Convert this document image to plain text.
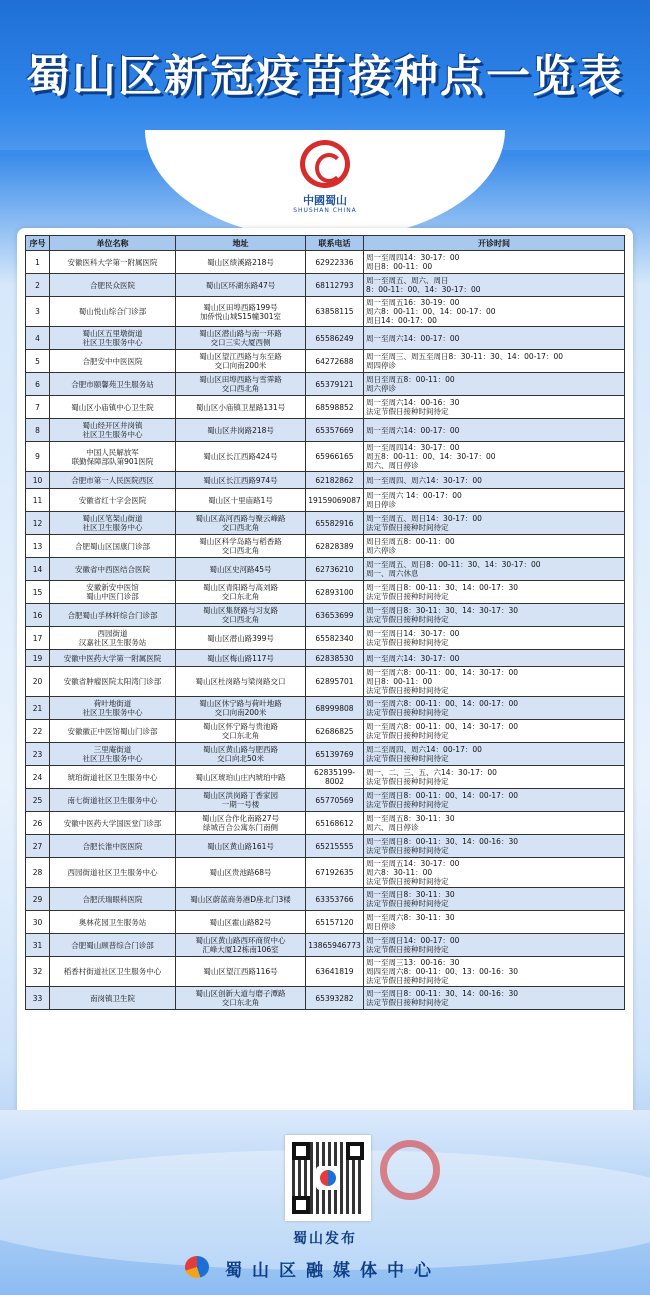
蜀山区新冠疫苗接种点一览表
中國蜀山
SHUSHAN CHINA
序号	单位名称	地址	联系电话	开诊时间
1	安徽医科大学第一附属医院	蜀山区绩溪路218号	62922336	周一至周四14：30-17：00
周日8：00-11：00
2	合肥民众医院	蜀山区环湖东路47号	68112793	周一至周五、周六、周日
8：00-11：00、14：30-17：00
3	蜀山悦山综合门诊部	蜀山区田埠西路199号
加侨悦山城S15幢301室	63858115	周一至周五16：30-19：00
周六8：00-11：00、14：00-17：00
周日14：00-17：00
4	蜀山区五里墩街道
社区卫生服务中心	蜀山区潜山路与南一环路
交口三实大厦西侧	65586249	周一至周六14：00-17：00
5	合肥安中中医医院	蜀山区望江西路与东至路
交口向南200米	64272688	周一至周三、周五至周日8：30-11：30、14：00-17：00
周四停诊
6	合肥市颐馨苑卫生服务站	蜀山区田埠西路与雪霁路
交口西北角	65379121	周日至周五8：00-11：00
周六停诊
7	蜀山区小庙镇中心卫生院	蜀山区小庙镇卫星路131号	68598852	周一至周六14：00-16：30
法定节假日接种时间待定
8	蜀山经开区井岗镇
社区卫生服务中心	蜀山区井岗路218号	65357669	周一至周六14：00-17：00
9	中国人民解放军
联勤保障部队第901医院	蜀山区长江西路424号	65966165	周一至周四14：30-17：00
周五8：00-11：00、14：30-17：00
周六、周日停诊
10	合肥市第一人民医院西区	蜀山区长江西路974号	62182862	周一至周四、周六14：30-17：00
11	安徽省红十字会医院	蜀山区十里庙路1号	19159069087	周一至周六 14：00-17：00
周日停诊
12	蜀山区笔架山街道
社区卫生服务中心	蜀山区高河西路与聚云峰路
交口西北角	65582916	周一至周五、周日14：30-17：00
法定节假日接种时间待定
13	合肥蜀山区国康门诊部	蜀山区科学岛路与稻香路
交口西北角	62828389	周日至周五8：00-11：00
周六停诊
14	安徽省中西医结合医院	蜀山区史河路45号	62736210	周一至周五、周日8：00-11：30、14：30-17：00
周一、周六休息
15	安徽新安中医馆
蜀山中医门诊部	蜀山区青阳路与高刘路
交口东北角	62893100	周一至周日8：00-11：30、14：00-17：30
法定节假日接种时间待定
16	合肥蜀山孚林轩综合门诊部	蜀山区集贤路与习友路
交口西北角	63653699	周一至周日8：30-11：30、14：30-17：30
法定节假日接种时间待定
17	西园街道
汉嘉社区卫生服务站	蜀山区潜山路399号	65582340	周一至周日14：30-17：00
法定节假日接种时间待定
19	安徽中医药大学第一附属医院	蜀山区梅山路117号	62838530	周一至周六14：30-17：00
20	安徽省肿瘤医院太阳湾门诊部	蜀山区杜岗路与梁岗路交口	62895701	周一至周六8：00-11：00、14：30-17：00
周日8：00-11：00
法定节假日接种时间待定
21	荷叶地街道
社区卫生服务中心	蜀山区休宁路与荷叶地路
交口向南200米	68999808	周一至周六8：00-11：00、14：00-17：00
法定节假日接种时间待定
22	安徽徽正中医馆蜀山门诊部	蜀山区怀宁路与贵池路
交口东北角	62686825	周一至周六8：00-11：00、14：30-17：00
法定节假日接种时间待定
23	三里庵街道
社区卫生服务中心	蜀山区黄山路与肥西路
交口向北50米	65139769	周二至周四、周六14：00-17：00
法定节假日接种时间待定
24	琥珀街道社区卫生服务中心	蜀山区琥珀山庄内琥珀中路	62835199-8002	周一、二、三、五、六14：30-17：00
法定节假日接种时间待定
25	南七街道社区卫生服务中心	蜀山区洪岗路丁香家园
一期一号楼	65770569	周一至周日8：00-11：00、14：00-17：00
法定节假日接种时间待定
26	安徽中医药大学国医堂门诊部	蜀山区合作化南路27号
绿城百合公寓东门南侧	65168612	周一至周五8：30-11：30
周六、周日停诊
27	合肥长淮中医医院	蜀山区黄山路161号	65215555	周一至周日8：00-11：30、14：00-16：30
法定节假日接种时间待定
28	西园街道社区卫生服务中心	蜀山区贵池路68号	67192635	周一至周五14：30-17：00
周六8：30-11：00
法定节假日接种时间待定
29	合肥沃瑞眼科医院	蜀山区蔚蓝商务港D座北门3楼	63353766	周一至周日8：30-11：30
法定节假日接种时间待定
30	奥林花园卫生服务站	蜀山区霍山路82号	65157120	周一至周六8：30-11：30
周日停诊
31	合肥蜀山顾普综合门诊部	蜀山区黄山路西环商贸中心
汇峰大厦12栋南106室	13865946773	周一至周日14：00-17：00
法定节假日接种时间待定
32	稻香村街道社区卫生服务中心	蜀山区望江西路116号	63641819	周一至周三13：00-16：30
周四至周六8：00-11：00、13：00-16：30
法定节假日接种时间待定
33	南岗镇卫生院	蜀山区创新大道与磨子潭路
交口东北角	65393282	周一至周日8：00-11：30、14：00-16：30
法定节假日接种时间待定
蜀山发布
蜀山区融媒体中心
